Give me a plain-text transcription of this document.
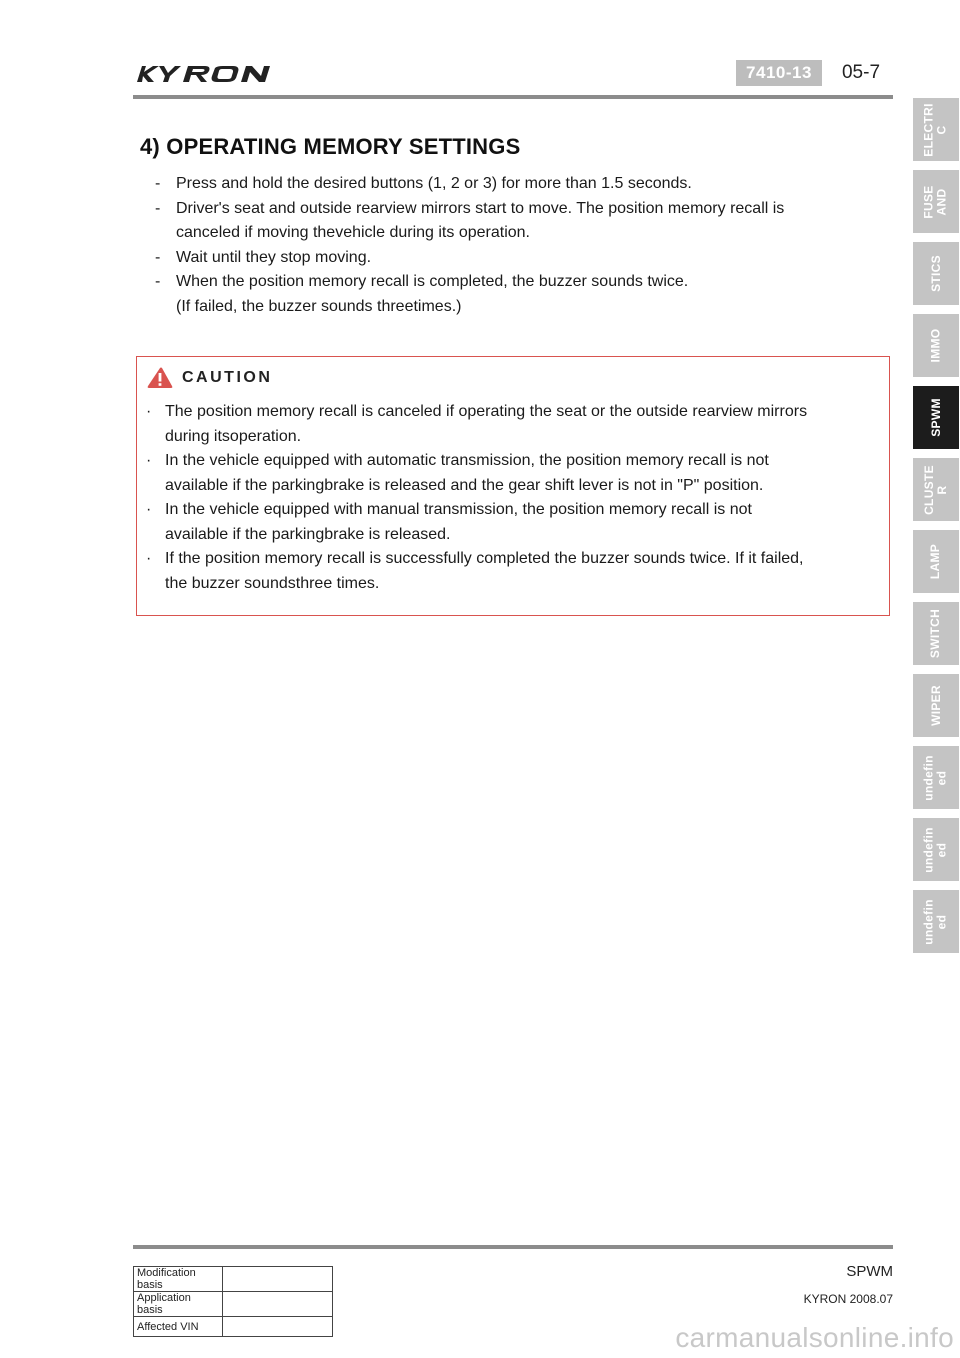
7410-13	05-7
4) OPERATING MEMORY SETTINGS
- Press and hold the desired buttons (1, 2 or 3) for more than 1.5 seconds.
- Driver's seat and outside rearview mirrors start to move. The position memory recall is
canceled if moving thevehicle during its operation.
- Wait until they stop moving.
- When the position memory recall is completed, the buzzer sounds twice.
(If failed, the buzzer sounds threetimes.)
CAUTION
· The position memory recall is canceled if operating the seat or the outside rearview mirrors
during itsoperation.
· In the vehicle equipped with automatic transmission, the position memory recall is not
available if the parkingbrake is released and the gear shift lever is not in "P" position.
· In the vehicle equipped with manual transmission, the position memory recall is not
available if the parkingbrake is released.
· If the position memory recall is successfully completed the buzzer sounds twice. If it failed,
the buzzer soundsthree times.
ELECTRI
C
FUSE
AND
STICS
IMMO
SPWM
CLUSTE
R
LAMP
SWITCH
WIPER
undefin
ed
undefin
ed
undefin
ed
SPWM
KYRON 2008.07
Modification basis	
Application basis	
Affected VIN		carmanualsonline.info
